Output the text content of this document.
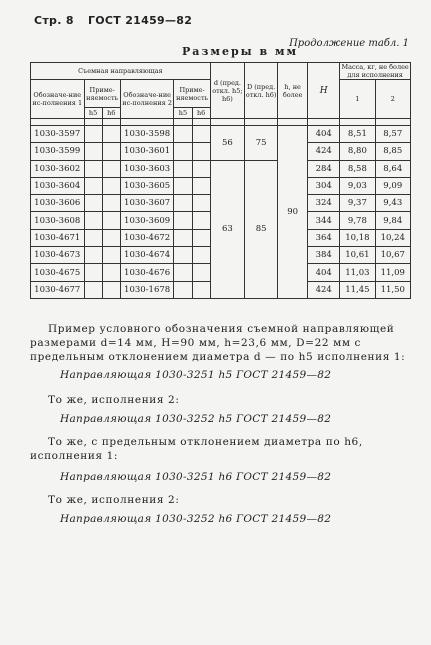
Стр. 8 ГОСТ 21459—82
Размеры в мм
Продолжение табл. 1
Съемная направляющая						d (пред. откл. h5; h6)	D (пред. откл. h6)	h, не более	H	Масса, кг, не более для исполнения	
Обозначе-ние ис-полнения 1	Приме-няемость		Обозначе-ние ис-полнения 2	Приме-няемость						1	2
	h5	h6		h5	h6						

1030-3597			1030-3598			56	75	90	404	8,51	8,57
1030-3599			1030-3601						424	8,80	8,85
1030-3602			1030-3603			63	85		284	8,58	8,64
1030-3604			1030-3605						304	9,03	9,09
1030-3606			1030-3607						324	9,37	9,43
1030-3608			1030-3609						344	9,78	9,84
1030-4671			1030-4672						364	10,18	10,24
1030-4673			1030-4674						384	10,61	10,67
1030-4675			1030-4676						404	11,03	11,09
1030-4677			1030-1678						424	11,45	11,50
Пример условного обозначения съемной направляющей размерами d=14 мм, H=90 мм, h=23,6 мм, D=22 мм с предельным отклонением диаметра d — по h5 исполнения 1:
Направляющая 1030-3251 h5 ГОСТ 21459—82
То же, исполнения 2:
Направляющая 1030-3252 h5 ГОСТ 21459—82
То же, с предельным отклонением диаметра по h6, исполнения 1:
Направляющая 1030-3251 h6 ГОСТ 21459—82
То же, исполнения 2:
Направляющая 1030-3252 h6 ГОСТ 21459—82
